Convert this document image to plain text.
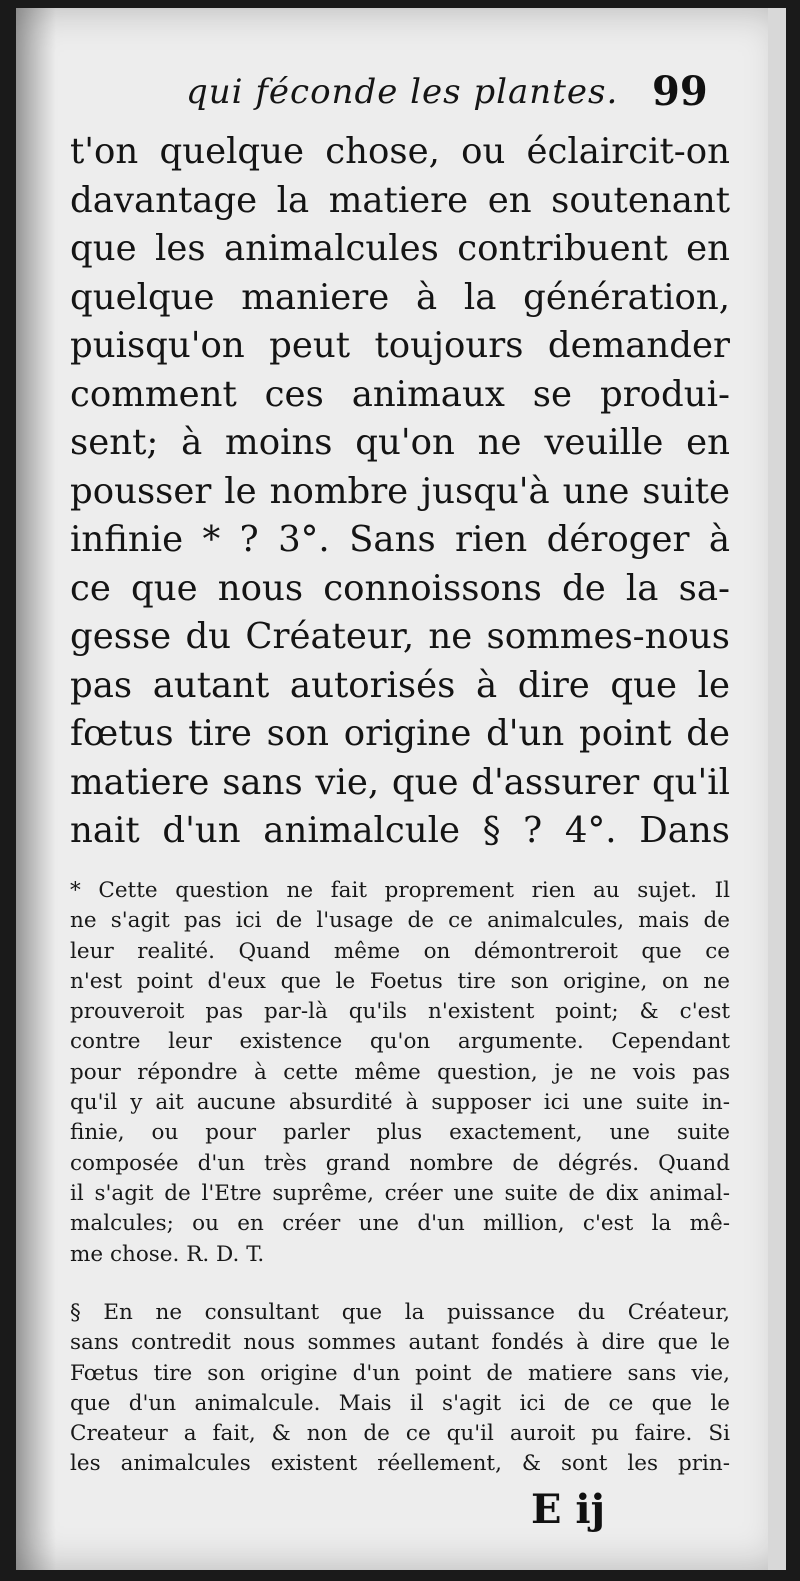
qui féconde les plantes. 99
t'on quelque chose, ou éclaircit-on
davantage la matiere en soutenant
que les animalcules contribuent en
quelque maniere à la génération,
puisqu'on peut toujours demander
comment ces animaux se produi-
sent; à moins qu'on ne veuille en
pousser le nombre jusqu'à une suite
infinie * ? 3°. Sans rien déroger à
ce que nous connoissons de la sa-
gesse du Créateur, ne sommes-nous
pas autant autorisés à dire que le
fœtus tire son origine d'un point de
matiere sans vie, que d'assurer qu'il
nait d'un animalcule § ? 4°. Dans
* Cette question ne fait proprement rien au sujet. Il
ne s'agit pas ici de l'usage de ce animalcules, mais de
leur realité. Quand même on démontreroit que ce
n'est point d'eux que le Foetus tire son origine, on ne
prouveroit pas par-là qu'ils n'existent point; & c'est
contre leur existence qu'on argumente. Cependant
pour répondre à cette même question, je ne vois pas
qu'il y ait aucune absurdité à supposer ici une suite in-
finie, ou pour parler plus exactement, une suite
composée d'un très grand nombre de dégrés. Quand
il s'agit de l'Etre suprême, créer une suite de dix animal-
malcules; ou en créer une d'un million, c'est la mê-
me chose. R. D. T.
§ En ne consultant que la puissance du Créateur,
sans contredit nous sommes autant fondés à dire que le
Fœtus tire son origine d'un point de matiere sans vie,
que d'un animalcule. Mais il s'agit ici de ce que le
Createur a fait, & non de ce qu'il auroit pu faire. Si
les animalcules existent réellement, & sont les prin-
E ij
